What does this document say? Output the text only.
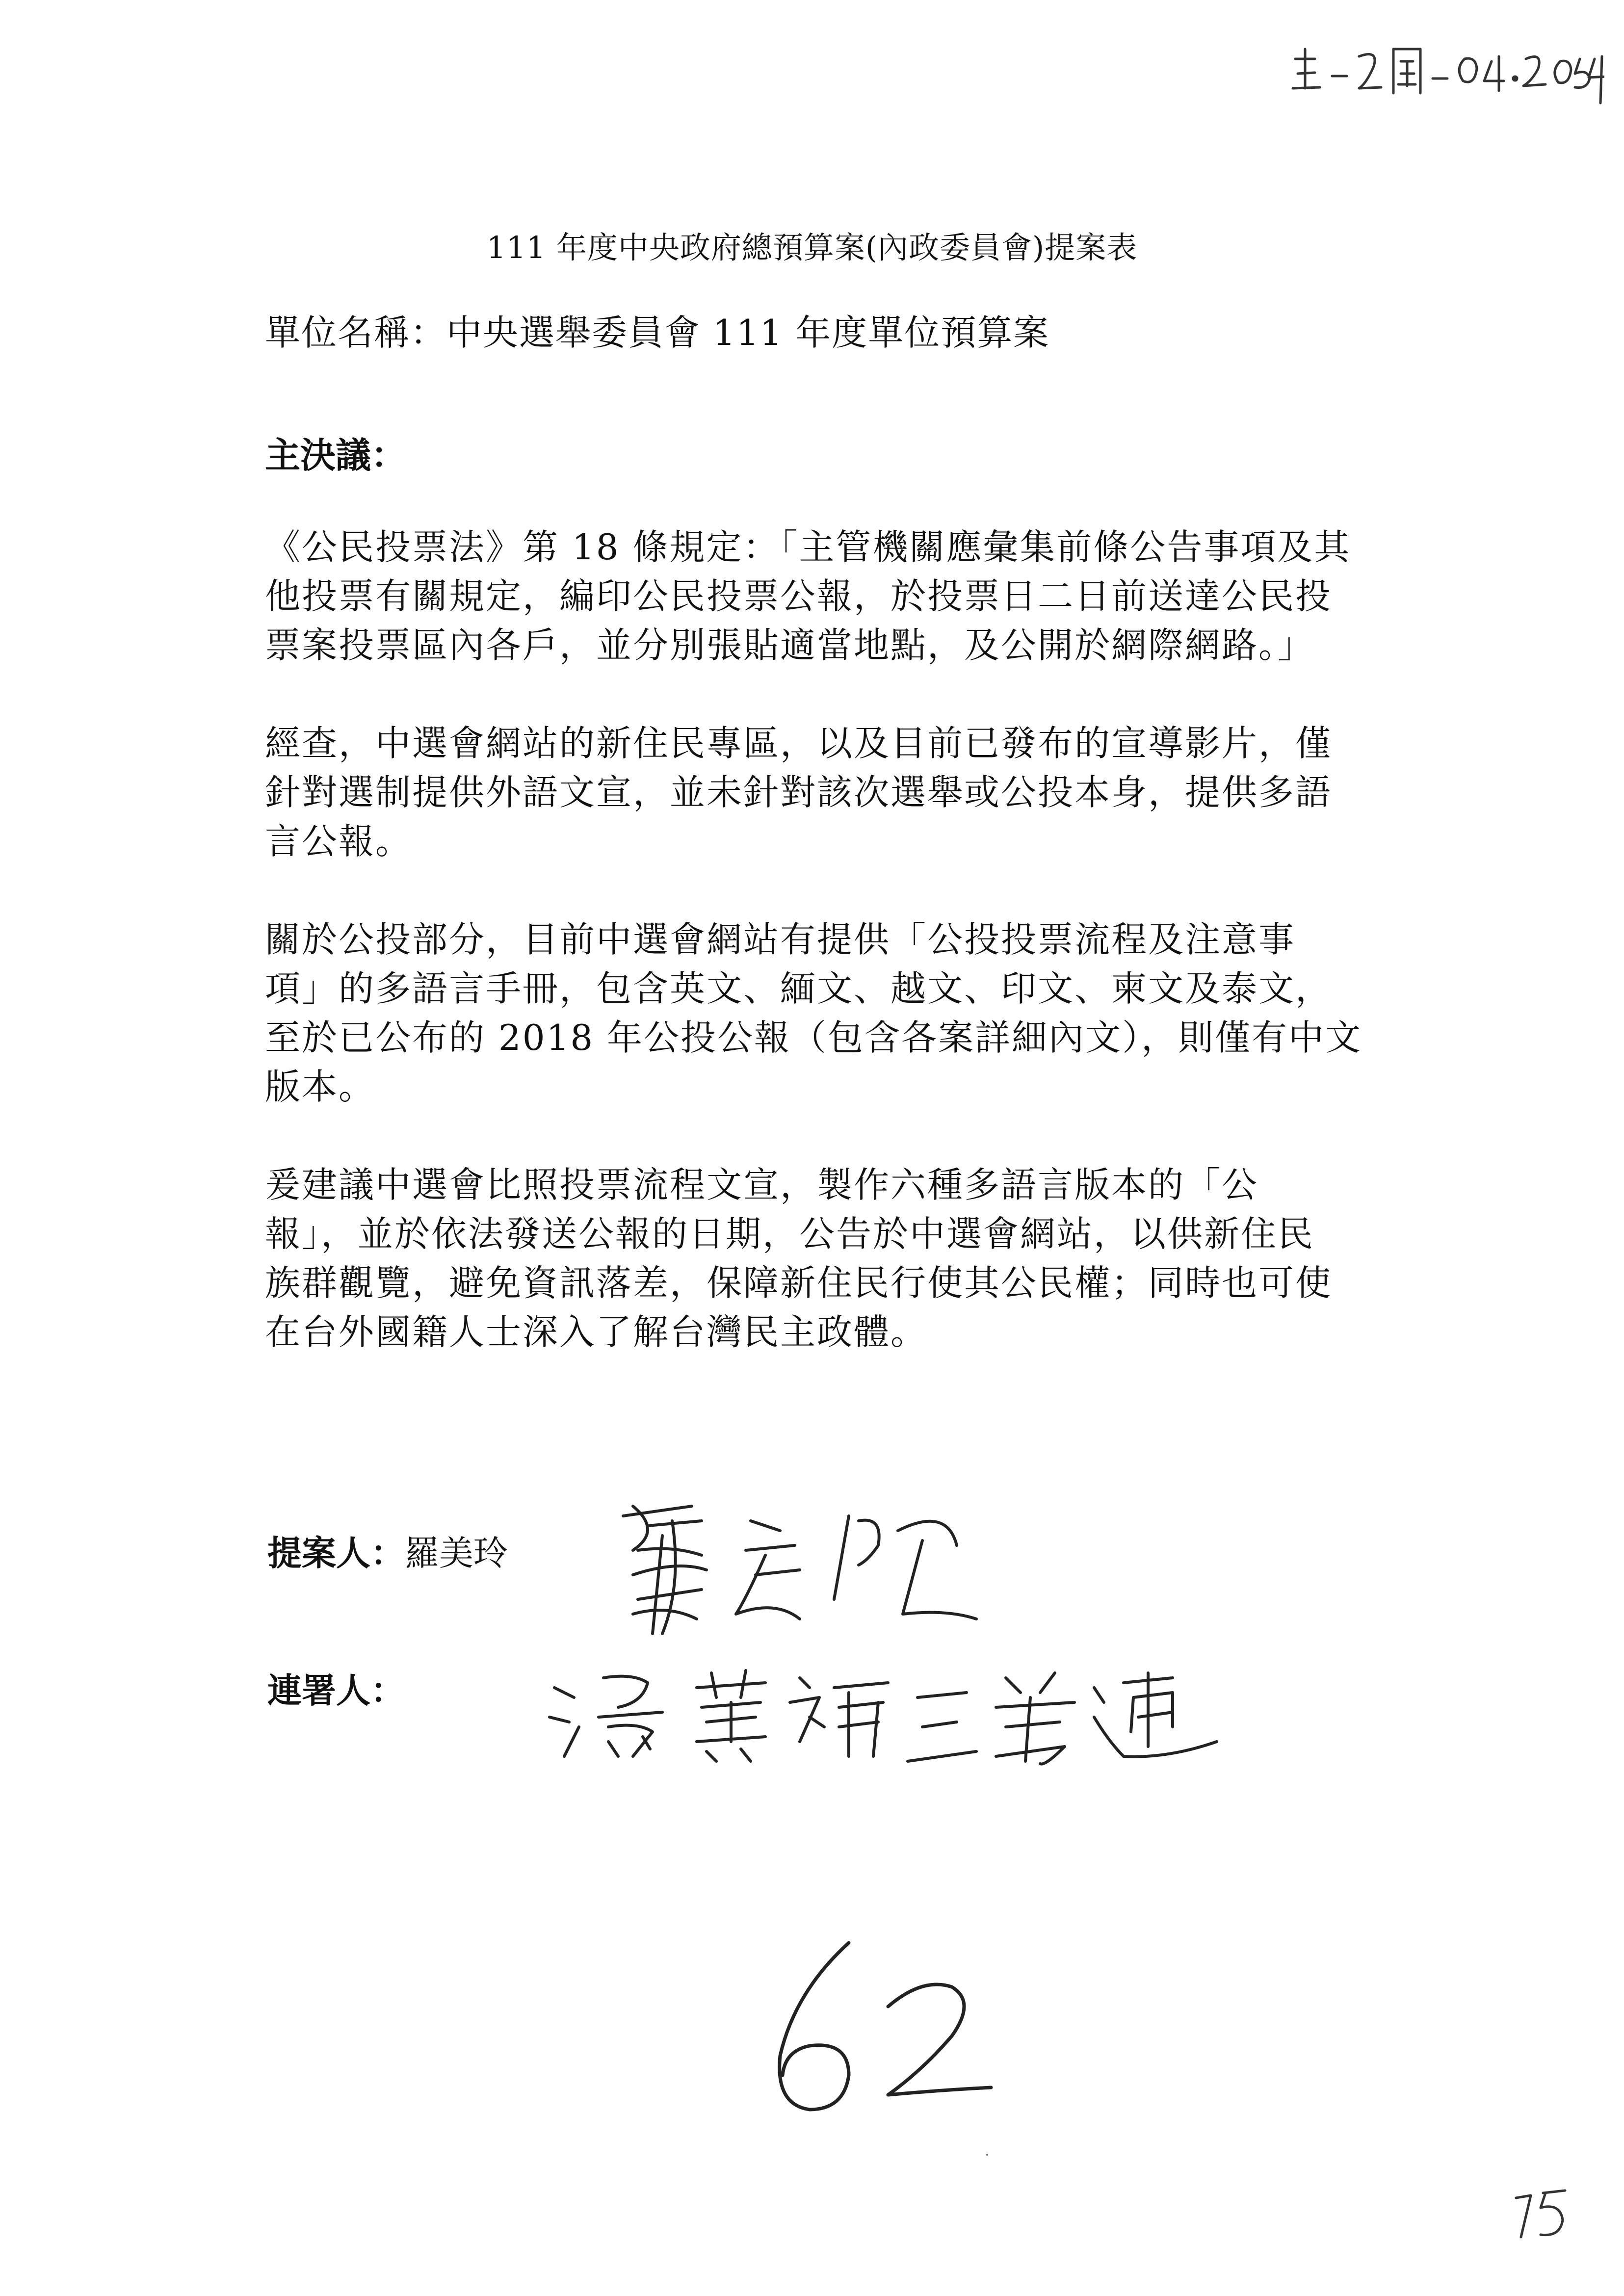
主-2閏-04·2054
111 年度中央政府總預算案(內政委員會)提案表
單位名稱：中央選舉委員會 111 年度單位預算案
主決議：
《公民投票法》第 18 條規定：「主管機關應彙集前條公告事項及其
他投票有關規定，編印公民投票公報，於投票日二日前送達公民投
票案投票區內各戶，並分別張貼適當地點，及公開於網際網路。」
經查，中選會網站的新住民專區，以及目前已發布的宣導影片，僅
針對選制提供外語文宣，並未針對該次選舉或公投本身，提供多語
言公報。
關於公投部分，目前中選會網站有提供「公投投票流程及注意事
項」的多語言手冊，包含英文、緬文、越文、印文、柬文及泰文，
至於已公布的 2018 年公投公報（包含各案詳細內文），則僅有中文
版本。
爰建議中選會比照投票流程文宣，製作六種多語言版本的「公
報」，並於依法發送公報的日期，公告於中選會網站，以供新住民
族群觀覽，避免資訊落差，保障新住民行使其公民權；同時也可使
在台外國籍人士深入了解台灣民主政體。
提案人：羅美玲
羅美玲
連署人：
湯蕙禎 王美惠
62
75
